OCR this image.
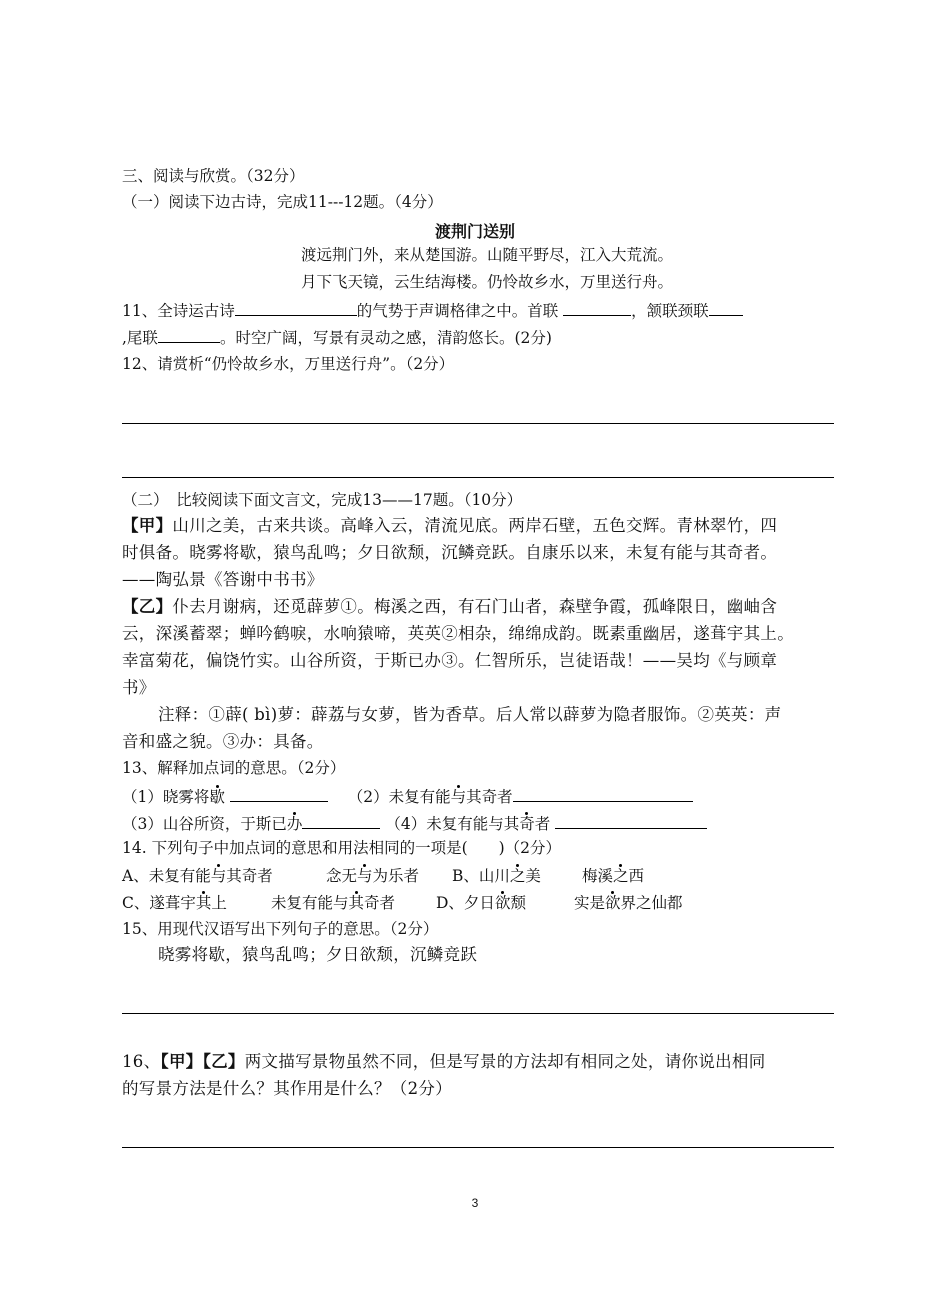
三、阅读与欣赏。（32分）
（一）阅读下边古诗，完成11---12题。（4分）
渡荆门送别
渡远荆门外，来从楚国游。山随平野尽，江入大荒流。
月下飞天镜，云生结海楼。仍怜故乡水，万里送行舟。
11、全诗运古诗	的气势于声调格律之中。首联	，颔联颈联
,尾联	。时空广阔，写景有灵动之感，清韵悠长。(2分)
12、请赏析“仍怜故乡水，万里送行舟”。（2分）
（二）　比较阅读下面文言文，完成13——17题。（10分）
【甲】山川之美，古来共谈。高峰入云，清流见底。两岸石壁，五色交辉。青林翠竹，四
时俱备。晓雾将歇，猿鸟乱鸣；夕日欲颓，沉鳞竞跃。自康乐以来，未复有能与其奇者。
——陶弘景《答谢中书书》
【乙】仆去月谢病，还觅薜萝①。梅溪之西，有石门山者，森壁争霞，孤峰限日，幽岫含
云，深溪蓄翠；蝉吟鹤唳，水响猿啼，英英②相杂，绵绵成韵。既素重幽居，遂葺宇其上。
幸富菊花，偏饶竹实。山谷所资，于斯已办③。仁智所乐，岂徒语哉！——吴均《与顾章
书》
注释：①薜( bì)萝：薜荔与女萝，皆为香草。后人常以薜萝为隐者服饰。②英英：声
音和盛之貌。③办：具备。
13、解释加点词的意思。（2分）
（1）晓雾将歇	（2）未复有能与其奇者
（3）山谷所资，于斯已办	（4）未复有能与其奇者
14. 下列句子中加点词的意思和用法相同的一项是(　　)（2分）
A、未复有能与其奇者	念无与为乐者 B、山川之美	梅溪之西
C、遂葺宇其上	未复有能与其奇者	D、夕日欲颓	实是欲界之仙都
15、用现代汉语写出下列句子的意思。（2分）
晓雾将歇，猿鸟乱鸣；夕日欲颓，沉鳞竞跃
16、【甲】【乙】两文描写景物虽然不同，但是写景的方法却有相同之处，请你说出相同
的写景方法是什么？其作用是什么？（2分）
3
